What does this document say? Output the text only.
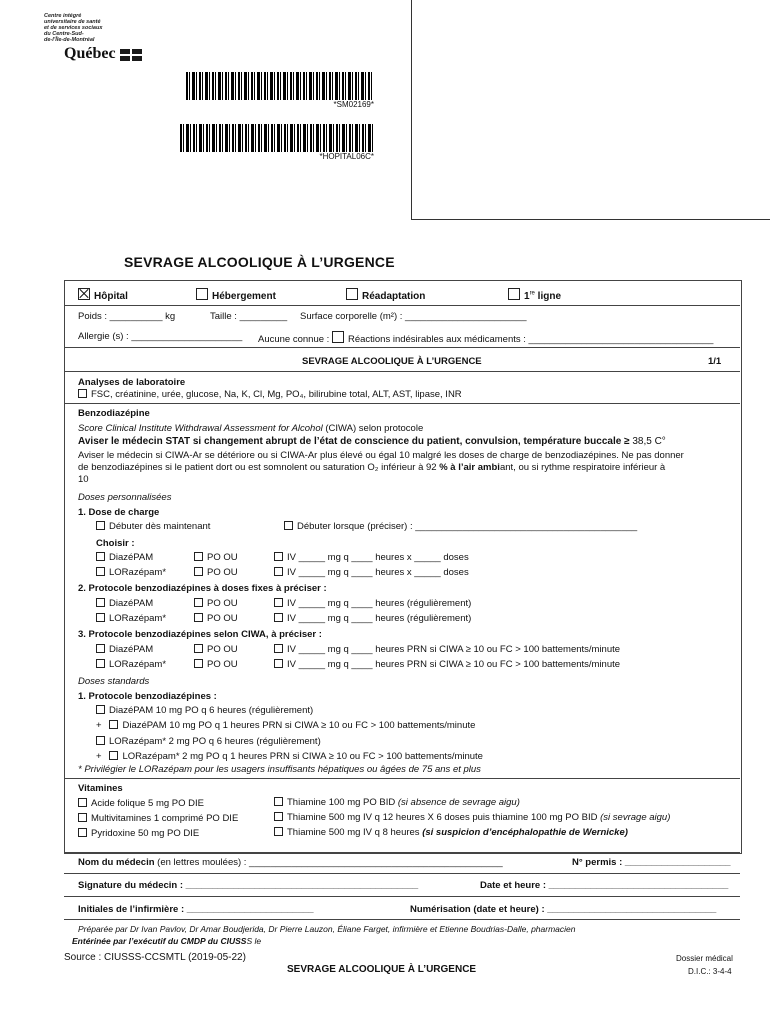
Centre intégré
universitaire de santé
et de services sociaux
du Centre-Sud-
de-l’Île-de-Montréal
Québec
*SM02169*
*HOPITAL06C*
SEVRAGE ALCOOLIQUE À L’URGENCE
Hôpital	Hébergement	Réadaptation	1re ligne
Poids : __________ kg	Taille : _________ Surface corporelle (m²) : _______________________
Allergie (s) : _____________________ Aucune connue : Réactions indésirables aux médicaments : ___________________________________
SEVRAGE ALCOOLIQUE À L’URGENCE	1/1
Analyses de laboratoire
FSC, créatinine, urée, glucose, Na, K, Cl, Mg, PO₄, bilirubine total, ALT, AST, lipase, INR
Benzodiazépine
Score Clinical Institute Withdrawal Assessment for Alcohol (CIWA) selon protocole
Aviser le médecin STAT si changement abrupt de l’état de conscience du patient, convulsion, température buccale ≥ 38,5 C°
Aviser le médecin si CIWA-Ar se détériore ou si CIWA-Ar plus élevé ou égal 10 malgré les doses de charge de benzodiazépines. Ne pas donner
de benzodiazépines si le patient dort ou est somnolent ou saturation O₂ inférieur à 92 % à l’air ambiant, ou si rythme respiratoire inférieur à
10
Doses personnalisées
1. Dose de charge
Débuter dès maintenant	Débuter lorsque (préciser) : __________________________________________
Choisir :
DiazéPAM	PO OU	IV _____ mg q ____ heures x _____ doses
LORazépam*	PO OU	IV _____ mg q ____ heures x _____ doses
2. Protocole benzodiazépines à doses fixes à préciser :
DiazéPAM	PO OU	IV _____ mg q ____ heures (régulièrement)
LORazépam*	PO OU	IV _____ mg q ____ heures (régulièrement)
3. Protocole benzodiazépines selon CIWA, à préciser :
DiazéPAM	PO OU	IV _____ mg q ____ heures PRN si CIWA ≥ 10 ou FC > 100 battements/minute
LORazépam*	PO OU	IV _____ mg q ____ heures PRN si CIWA ≥ 10 ou FC > 100 battements/minute
Doses standards
1. Protocole benzodiazépines :
DiazéPAM 10 mg PO q 6 heures (régulièrement)
+ DiazéPAM 10 mg PO q 1 heures PRN si CIWA ≥ 10 ou FC > 100 battements/minute
LORazépam* 2 mg PO q 6 heures (régulièrement)
+ LORazépam* 2 mg PO q 1 heures PRN si CIWA ≥ 10 ou FC > 100 battements/minute
* Privilégier le LORazépam pour les usagers insuffisants hépatiques ou âgées de 75 ans et plus
Vitamines
Acide folique 5 mg PO DIE
Multivitamines 1 comprimé PO DIE
Pyridoxine 50 mg PO DIE
Thiamine 100 mg PO BID (si absence de sevrage aigu)
Thiamine 500 mg IV q 12 heures X 6 doses puis thiamine 100 mg PO BID (si sevrage aigu)
Thiamine 500 mg IV q 8 heures (si suspicion d’encéphalopathie de Wernicke)
Nom du médecin (en lettres moulées) : ________________________________________________	N° permis : ____________________
Signature du médecin : ____________________________________________	Date et heure : __________________________________
Initiales de l’infirmière : ________________________	Numérisation (date et heure) : ________________________________
Préparée par Dr Ivan Pavlov, Dr Amar Boudjerida, Dr Pierre Lauzon, Éliane Farget, infirmière et Etienne Boudrias-Dalle, pharmacien
Entérinée par l’exécutif du CMDP du CIUSSS le
Source : CIUSSS-CCSMTL (2019-05-22)
SEVRAGE ALCOOLIQUE À L’URGENCE
Dossier médical
D.I.C.: 3-4-4
